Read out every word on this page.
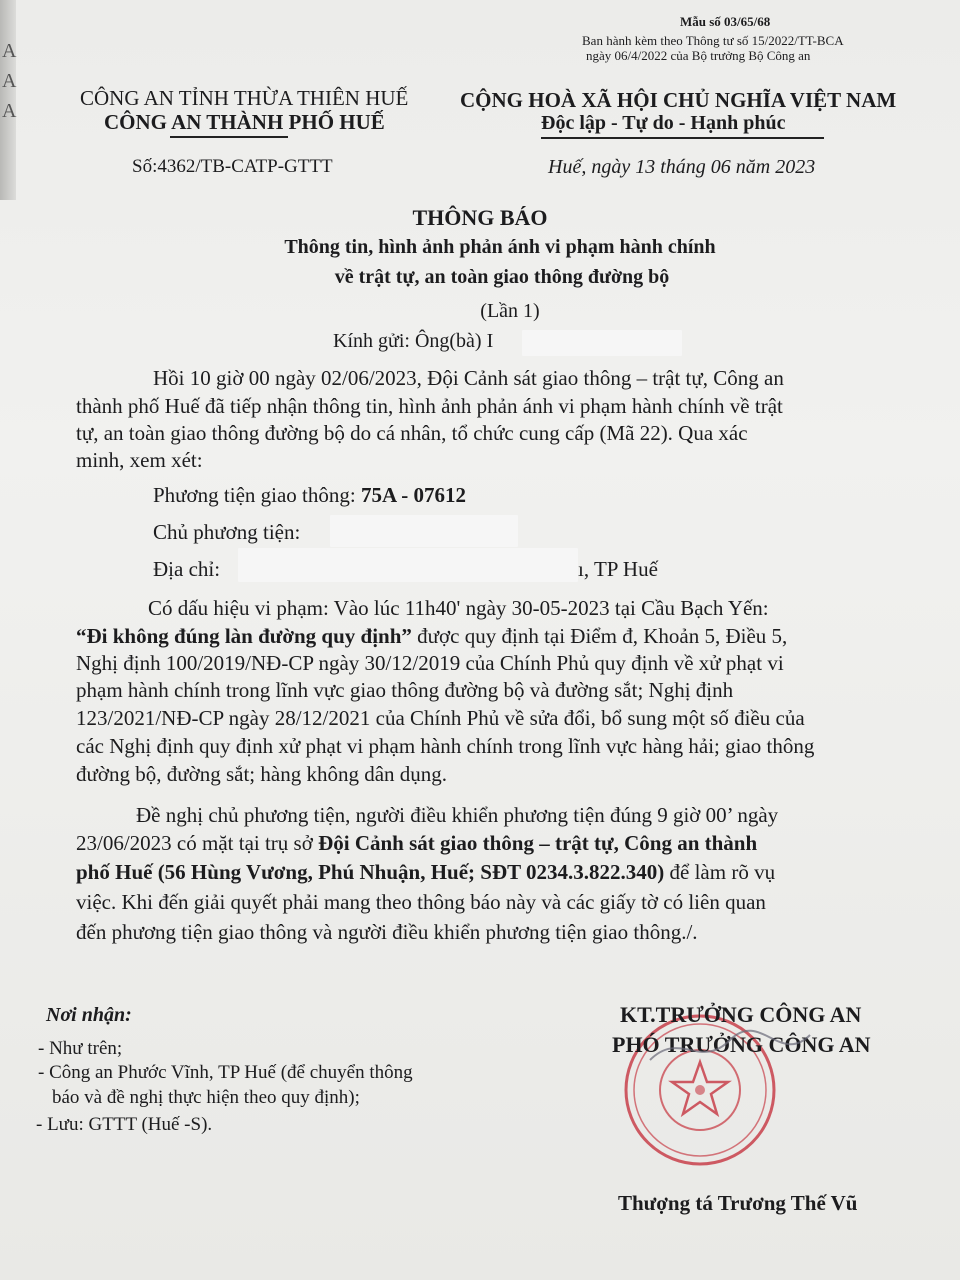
A
A
A
Mẫu số 03/65/68
Ban hành kèm theo Thông tư số 15/2022/TT-BCA
ngày 06/4/2022 của Bộ trưởng Bộ Công an
CÔNG AN TỈNH THỪA THIÊN HUẾ
CÔNG AN THÀNH PHỐ HUẾ
CỘNG HOÀ XÃ HỘI CHỦ NGHĨA VIỆT NAM
Độc lập - Tự do - Hạnh phúc
Số:4362/TB-CATP-GTTT	Huế, ngày 13 tháng 06 năm 2023
THÔNG BÁO
Thông tin, hình ảnh phản ánh vi phạm hành chính
về trật tự, an toàn giao thông đường bộ
(Lần 1)
Kính gửi: Ông(bà) I
Hồi 10 giờ 00 ngày 02/06/2023, Đội Cảnh sát giao thông – trật tự, Công an
thành phố Huế đã tiếp nhận thông tin, hình ảnh phản ánh vi phạm hành chính về trật
tự, an toàn giao thông đường bộ do cá nhân, tổ chức cung cấp (Mã 22). Qua xác
minh, xem xét:
Phương tiện giao thông: 75A - 07612
Chủ phương tiện:
Địa chỉ:	ı, TP Huế
Có dấu hiệu vi phạm: Vào lúc 11h40' ngày 30-05-2023 tại Cầu Bạch Yến:
“Đi không đúng làn đường quy định” được quy định tại Điểm đ, Khoản 5, Điều 5,
Nghị định 100/2019/NĐ-CP ngày 30/12/2019 của Chính Phủ quy định về xử phạt vi
phạm hành chính trong lĩnh vực giao thông đường bộ và đường sắt; Nghị định
123/2021/NĐ-CP ngày 28/12/2021 của Chính Phủ về sửa đổi, bổ sung một số điều của
các Nghị định quy định xử phạt vi phạm hành chính trong lĩnh vực hàng hải; giao thông
đường bộ, đường sắt; hàng không dân dụng.
Đề nghị chủ phương tiện, người điều khiển phương tiện đúng 9 giờ 00’ ngày
23/06/2023 có mặt tại trụ sở Đội Cảnh sát giao thông – trật tự, Công an thành
phố Huế (56 Hùng Vương, Phú Nhuận, Huế; SĐT 0234.3.822.340) để làm rõ vụ
việc. Khi đến giải quyết phải mang theo thông báo này và các giấy tờ có liên quan
đến phương tiện giao thông và người điều khiển phương tiện giao thông./.
Nơi nhận:
- Như trên;
- Công an Phước Vĩnh, TP Huế (để chuyển thông
báo và đề nghị thực hiện theo quy định);
- Lưu: GTTT (Huế -S).
KT.TRƯỞNG CÔNG AN
PHÓ TRƯỞNG CÔNG AN
Thượng tá Trương Thế Vũ
